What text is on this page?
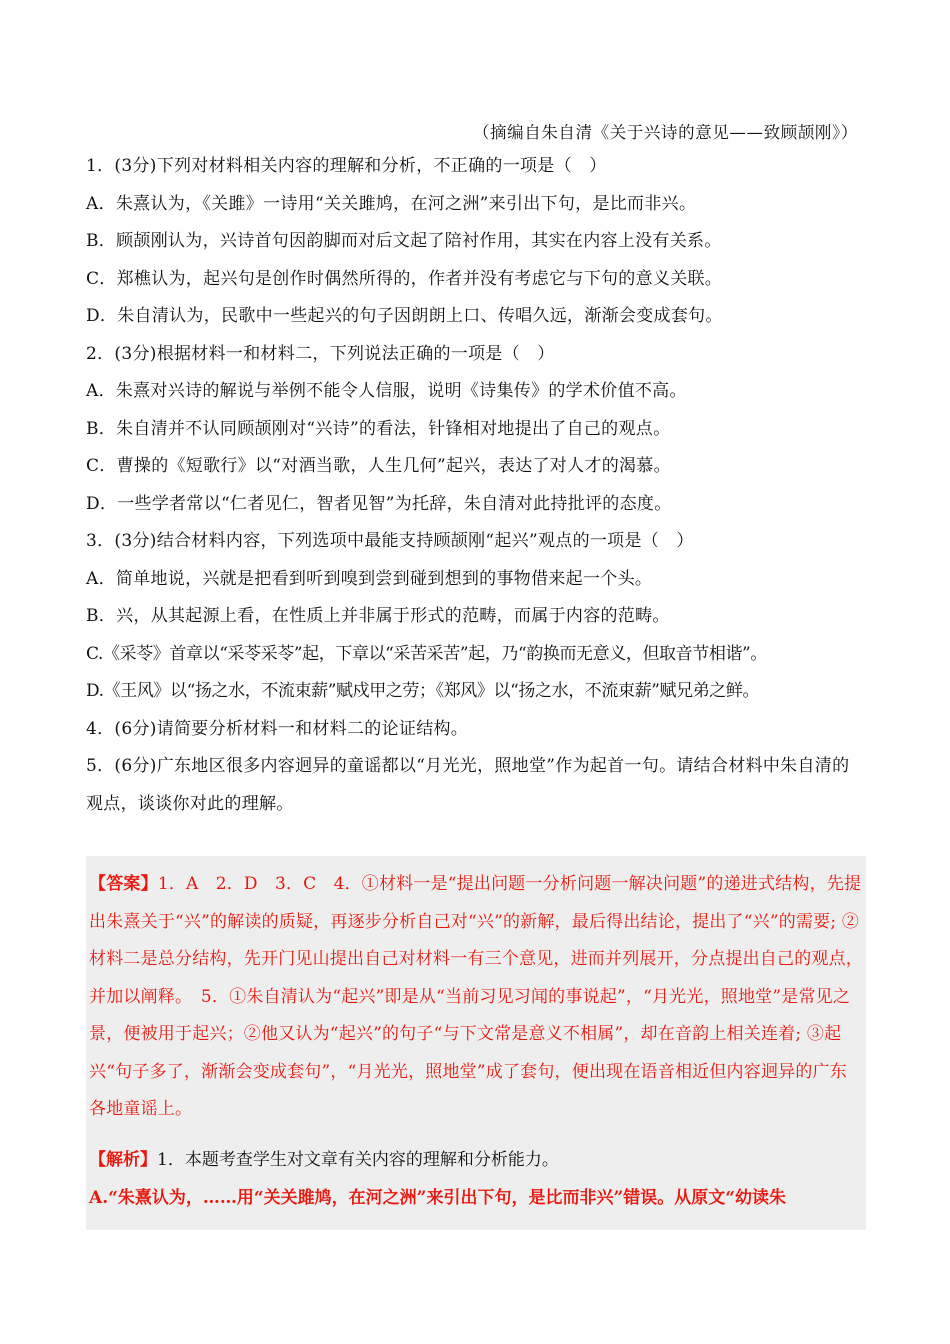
（摘编自朱自清《关于兴诗的意见——致顾颉刚》）
1．(3分)下列对材料相关内容的理解和分析，不正确的一项是（　）
A．朱熹认为，《关雎》一诗用“关关雎鸠，在河之洲”来引出下句，是比而非兴。
B．顾颉刚认为，兴诗首句因韵脚而对后文起了陪衬作用，其实在内容上没有关系。
C．郑樵认为，起兴句是创作时偶然所得的，作者并没有考虑它与下句的意义关联。
D．朱自清认为，民歌中一些起兴的句子因朗朗上口、传唱久远，渐渐会变成套句。
2．(3分)根据材料一和材料二，下列说法正确的一项是（　）
A．朱熹对兴诗的解说与举例不能令人信服，说明《诗集传》的学术价值不高。
B．朱自清并不认同顾颉刚对“兴诗”的看法，针锋相对地提出了自己的观点。
C．曹操的《短歌行》以“对酒当歌，人生几何”起兴，表达了对人才的渴慕。
D．一些学者常以“仁者见仁，智者见智”为托辞，朱自清对此持批评的态度。
3．(3分)结合材料内容，下列选项中最能支持顾颉刚“起兴”观点的一项是（　）
A．简单地说，兴就是把看到听到嗅到尝到碰到想到的事物借来起一个头。
B．兴，从其起源上看，在性质上并非属于形式的范畴，而属于内容的范畴。
C.《采苓》首章以“采苓采苓”起，下章以“采苦采苦”起，乃“韵换而无意义，但取音节相谐”。
D.《王风》以“扬之水，不流束薪”赋戍甲之劳；《郑风》以“扬之水，不流束薪”赋兄弟之鲜。
4．(6分)请简要分析材料一和材料二的论证结构。
5．(6分)广东地区很多内容迥异的童谣都以“月光光，照地堂”作为起首一句。请结合材料中朱自清的观点，谈谈你对此的理解。
【答案】1．A　2．D　3．C　4．①材料一是“提出问题一分析问题一解决问题”的递进式结构，先提出朱熹关于“兴”的解读的质疑，再逐步分析自己对“兴”的新解，最后得出结论，提出了“兴”的需要; ②材料二是总分结构，先开门见山提出自己对材料一有三个意见，进而并列展开，分点提出自己的观点，并加以阐释。　5．①朱自清认为“起兴”即是从“当前习见习闻的事说起”，“月光光，照地堂”是常见之景，便被用于起兴；②他又认为“起兴”的句子“与下文常是意义不相属”，却在音韵上相关连着; ③起兴“句子多了，渐渐会变成套句”，“月光光，照地堂”成了套句，便出现在语音相近但内容迥异的广东各地童谣上。
【解析】1．本题考查学生对文章有关内容的理解和分析能力。
A.“朱熹认为，……用“关关雎鸠，在河之洲”来引出下句，是比而非兴”错误。从原文“幼读朱
